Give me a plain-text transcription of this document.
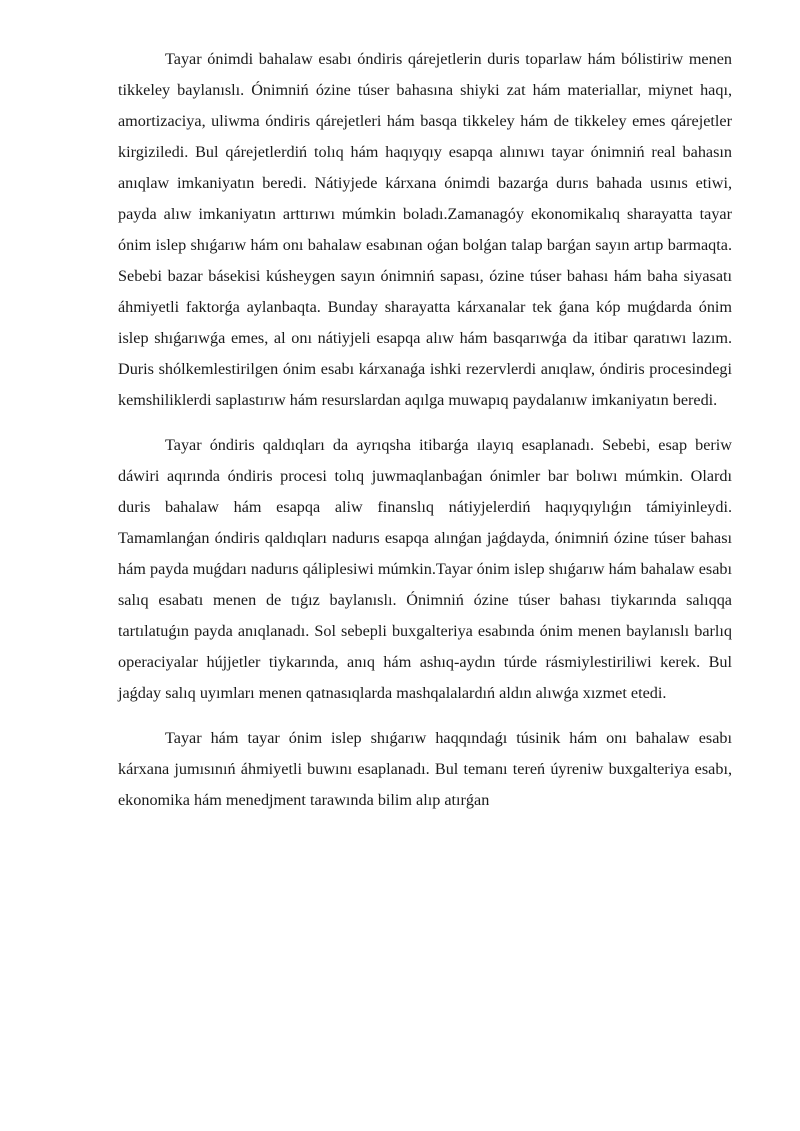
Tayar ónimdi bahalaw esabı óndiris qárejetlerin duris toparlaw hám bólistiriw menen tikkeley baylanıslı. Ónimniń ózine túser bahasına shiyki zat hám materiallar, miynet haqı, amortizaciya, uliwma óndiris qárejetleri hám basqa tikkeley hám de tikkeley emes qárejetler kirgiziledi. Bul qárejetlerdiń tolıq hám haqıyqıy esapqa alınıwı tayar ónimniń real bahasın anıqlaw imkaniyatın beredi. Nátiyjede kárxana ónimdi bazarǵa durıs bahada usınıs etiwi, payda alıw imkaniyatın arttırıwı múmkin boladı.Zamanagóy ekonomikalıq sharayatta tayar ónim islep shıǵarıw hám onı bahalaw esabınan oǵan bolǵan talap barǵan sayın artıp barmaqta. Sebebi bazar básekisi kúsheygen sayın ónimniń sapası, ózine túser bahası hám baha siyasatı áhmiyetli faktorǵa aylanbaqta. Bunday sharayatta kárxanalar tek ǵana kóp muǵdarda ónim islep shıǵarıwǵa emes, al onı nátiyjeli esapqa alıw hám basqarıwǵa da itibar qaratıwı lazım. Duris shólkemlestirilgen ónim esabı kárxanaǵa ishki rezervlerdi anıqlaw, óndiris procesindegi kemshiliklerdi saplastırıw hám resurslardan aqılga muwapıq paydalanıw imkaniyatın beredi.

Tayar óndiris qaldıqları da ayrıqsha itibarǵa ılayıq esaplanadı. Sebebi, esap beriw dáwiri aqırında óndiris procesi tolıq juwmaqlanbaǵan ónimler bar bolıwı múmkin. Olardı duris bahalaw hám esapqa aliw finanslıq nátiyjelerdiń haqıyqıylıǵın támiyinleydi. Tamamlanǵan óndiris qaldıqları nadurıs esapqa alınǵan jaǵdayda, ónimniń ózine túser bahası hám payda muǵdarı nadurıs qáliplesiwi múmkin.Tayar ónim islep shıǵarıw hám bahalaw esabı salıq esabatı menen de tıǵız baylanıslı. Ónimniń ózine túser bahası tiykarında salıqqa tartılatuǵın payda anıqlanadı. Sol sebepli buxgalteriya esabında ónim menen baylanıslı barlıq operaciyalar hújjetler tiykarında, anıq hám ashıq-aydın túrde rásmiylestiriliwi kerek. Bul jaǵday salıq uyımları menen qatnasıqlarda mashqalalardıń aldın alıwǵa xızmet etedi.

Tayar hám tayar ónim islep shıǵarıw haqqındaǵı túsinik hám onı bahalaw esabı kárxana jumısınıń áhmiyetli buwını esaplanadı. Bul temanı tereń úyreniw buxgalteriya esabı, ekonomika hám menedjment tarawında bilim alıp atırǵan
